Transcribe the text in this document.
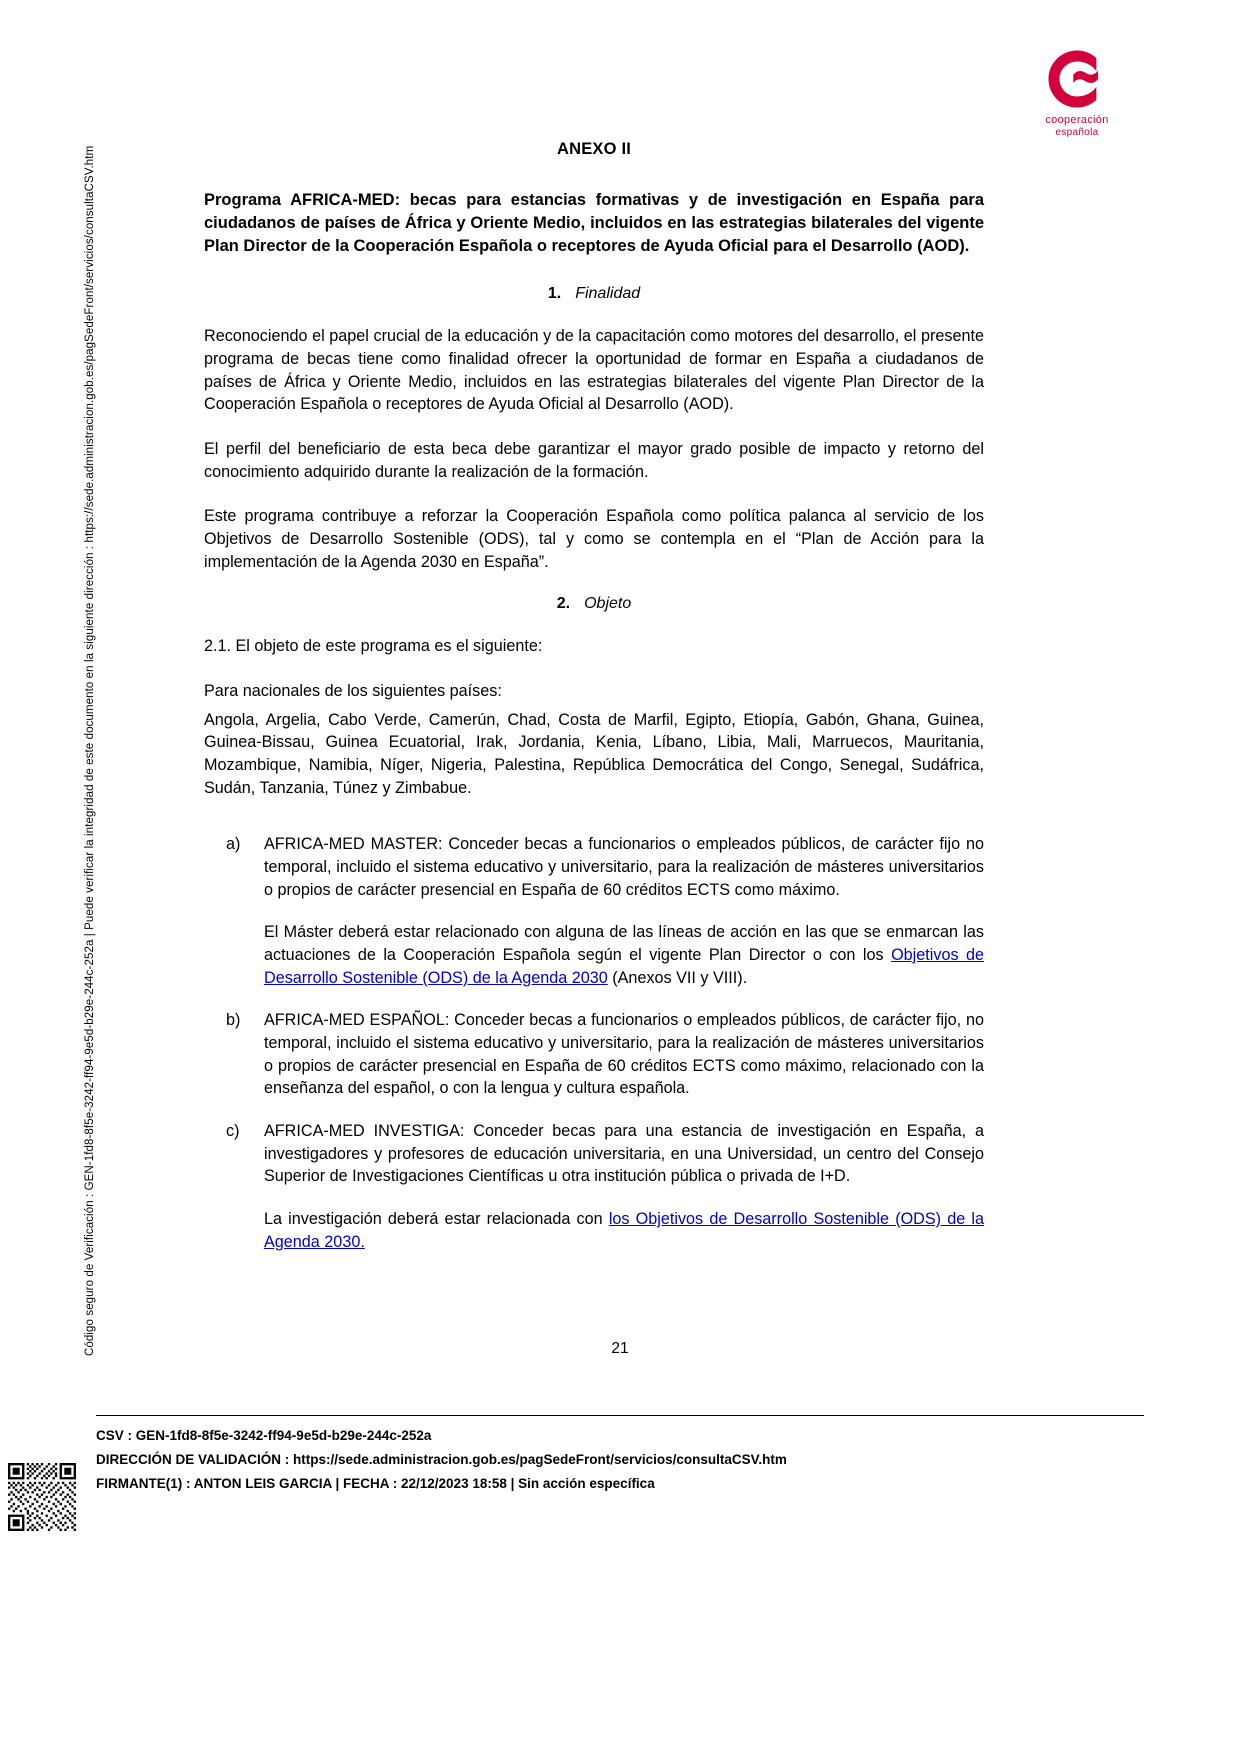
Código seguro de Verificación : GEN-1fd8-8f5e-3242-ff94-9e5d-b29e-244c-252a | Puede verificar la integridad de este documento en la siguiente dirección : https://sede.administracion.gob.es/pagSedeFront/servicios/consultaCSV.htm
cooperación
española
ANEXO II
Programa AFRICA-MED: becas para estancias formativas y de investigación en España para ciudadanos de países de África y Oriente Medio, incluidos en las estrategias bilaterales del vigente Plan Director de la Cooperación Española o receptores de Ayuda Oficial para el Desarrollo (AOD).
1. Finalidad

Reconociendo el papel crucial de la educación y de la capacitación como motores del desarrollo, el presente programa de becas tiene como finalidad ofrecer la oportunidad de formar en España a ciudadanos de países de África y Oriente Medio, incluidos en las estrategias bilaterales del vigente Plan Director de la Cooperación Española o receptores de Ayuda Oficial al Desarrollo (AOD).

El perfil del beneficiario de esta beca debe garantizar el mayor grado posible de impacto y retorno del conocimiento adquirido durante la realización de la formación.

Este programa contribuye a reforzar la Cooperación Española como política palanca al servicio de los Objetivos de Desarrollo Sostenible (ODS), tal y como se contempla en el “Plan de Acción para la implementación de la Agenda 2030 en España”.

2. Objeto

2.1. El objeto de este programa es el siguiente:

Para nacionales de los siguientes países:

Angola, Argelia, Cabo Verde, Camerún, Chad, Costa de Marfil, Egipto, Etiopía, Gabón, Ghana, Guinea, Guinea-Bissau, Guinea Ecuatorial, Irak, Jordania, Kenia, Líbano, Libia, Mali, Marruecos, Mauritania, Mozambique, Namibia, Níger, Nigeria, Palestina, República Democrática del Congo, Senegal, Sudáfrica, Sudán, Tanzania, Túnez y Zimbabue.
a)	AFRICA-MED MASTER: Conceder becas a funcionarios o empleados públicos, de carácter fijo no temporal, incluido el sistema educativo y universitario, para la realización de másteres universitarios o propios de carácter presencial en España de 60 créditos ECTS como máximo.

El Máster deberá estar relacionado con alguna de las líneas de acción en las que se enmarcan las actuaciones de la Cooperación Española según el vigente Plan Director o con los Objetivos de Desarrollo Sostenible (ODS) de la Agenda 2030 (Anexos VII y VIII).

b)	AFRICA-MED ESPAÑOL: Conceder becas a funcionarios o empleados públicos, de carácter fijo, no temporal, incluido el sistema educativo y universitario, para la realización de másteres universitarios o propios de carácter presencial en España de 60 créditos ECTS como máximo, relacionado con la enseñanza del español, o con la lengua y cultura española.

c)	AFRICA-MED INVESTIGA: Conceder becas para una estancia de investigación en España, a investigadores y profesores de educación universitaria, en una Universidad, un centro del Consejo Superior de Investigaciones Científicas u otra institución pública o privada de I+D.

La investigación deberá estar relacionada con los Objetivos de Desarrollo Sostenible (ODS) de la Agenda 2030.

21
CSV : GEN-1fd8-8f5e-3242-ff94-9e5d-b29e-244c-252a
DIRECCIÓN DE VALIDACIÓN : https://sede.administracion.gob.es/pagSedeFront/servicios/consultaCSV.htm
FIRMANTE(1) : ANTON LEIS GARCIA | FECHA : 22/12/2023 18:58 | Sin acción específica
